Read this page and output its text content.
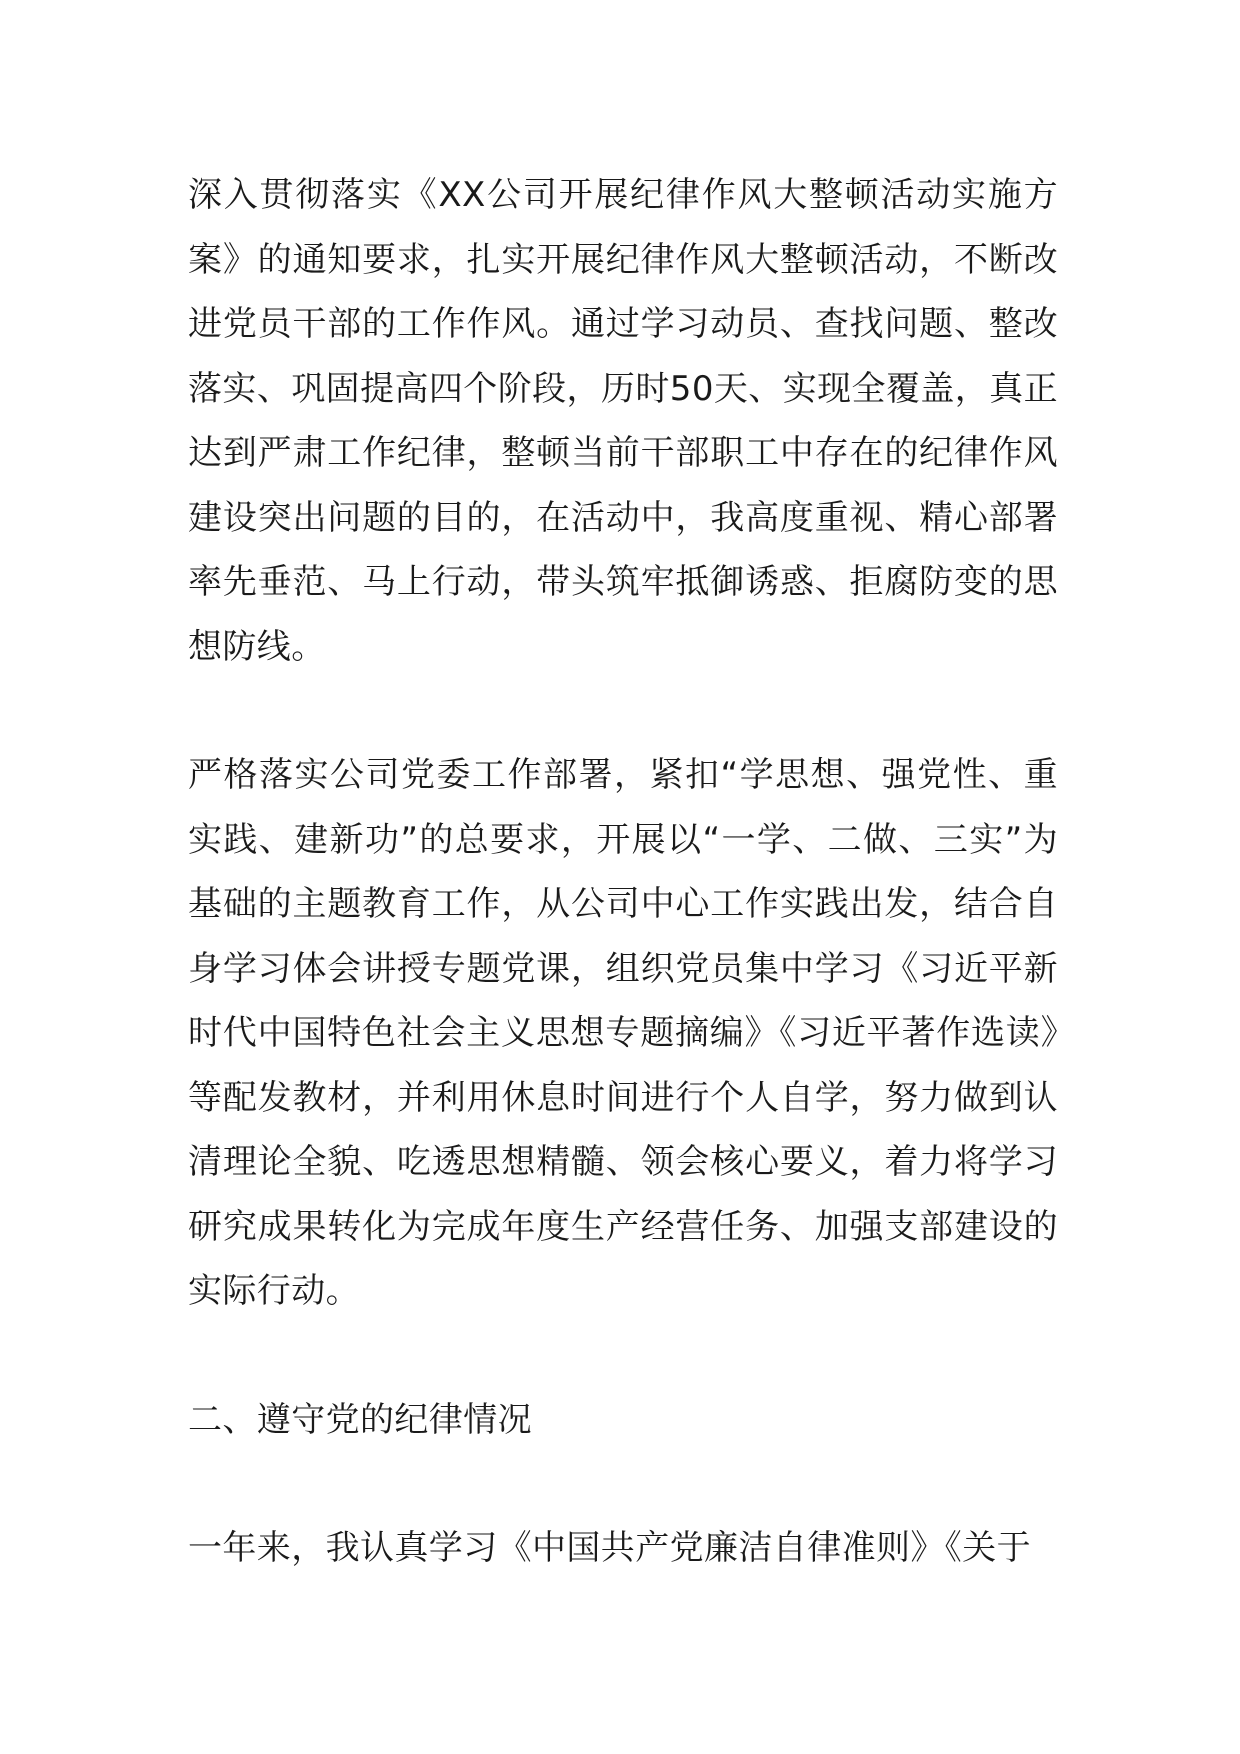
深入贯彻落实《XX公司开展纪律作风大整顿活动实施方案》的通知要求，扎实开展纪律作风大整顿活动，不断改进党员干部的工作作风。通过学习动员、查找问题、整改落实、巩固提高四个阶段，历时50天、实现全覆盖，真正达到严肃工作纪律，整顿当前干部职工中存在的纪律作风建设突出问题的目的，在活动中，我高度重视、精心部署率先垂范、马上行动，带头筑牢抵御诱惑、拒腐防变的思想防线。

严格落实公司党委工作部署，紧扣“学思想、强党性、重实践、建新功”的总要求，开展以“一学、二做、三实”为基础的主题教育工作，从公司中心工作实践出发，结合自身学习体会讲授专题党课，组织党员集中学习《习近平新时代中国特色社会主义思想专题摘编》《习近平著作选读》等配发教材，并利用休息时间进行个人自学，努力做到认清理论全貌、吃透思想精髓、领会核心要义，着力将学习研究成果转化为完成年度生产经营任务、加强支部建设的实际行动。

二、遵守党的纪律情况

一年来，我认真学习《中国共产党廉洁自律准则》《关于
